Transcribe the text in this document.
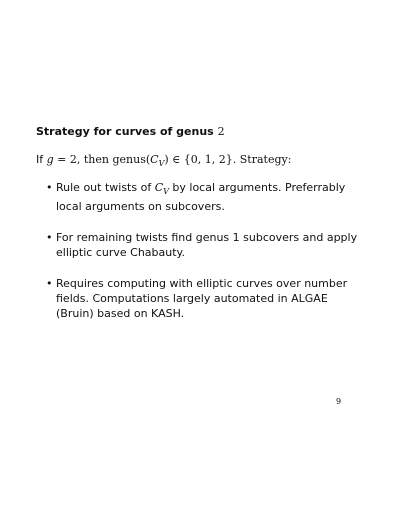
Strategy for curves of genus 2
If g = 2, then $genus(C_V)$ ∈ {0, 1, 2}. Strategy:
• Rule out twists of $C_V$ by local arguments. Preferrably local arguments on subcovers.
• For remaining twists find genus 1 subcovers and apply elliptic curve Chabauty.
• Requires computing with elliptic curves over number fields. Computations largely automated in ALGAE (Bruin) based on KASH.
9
